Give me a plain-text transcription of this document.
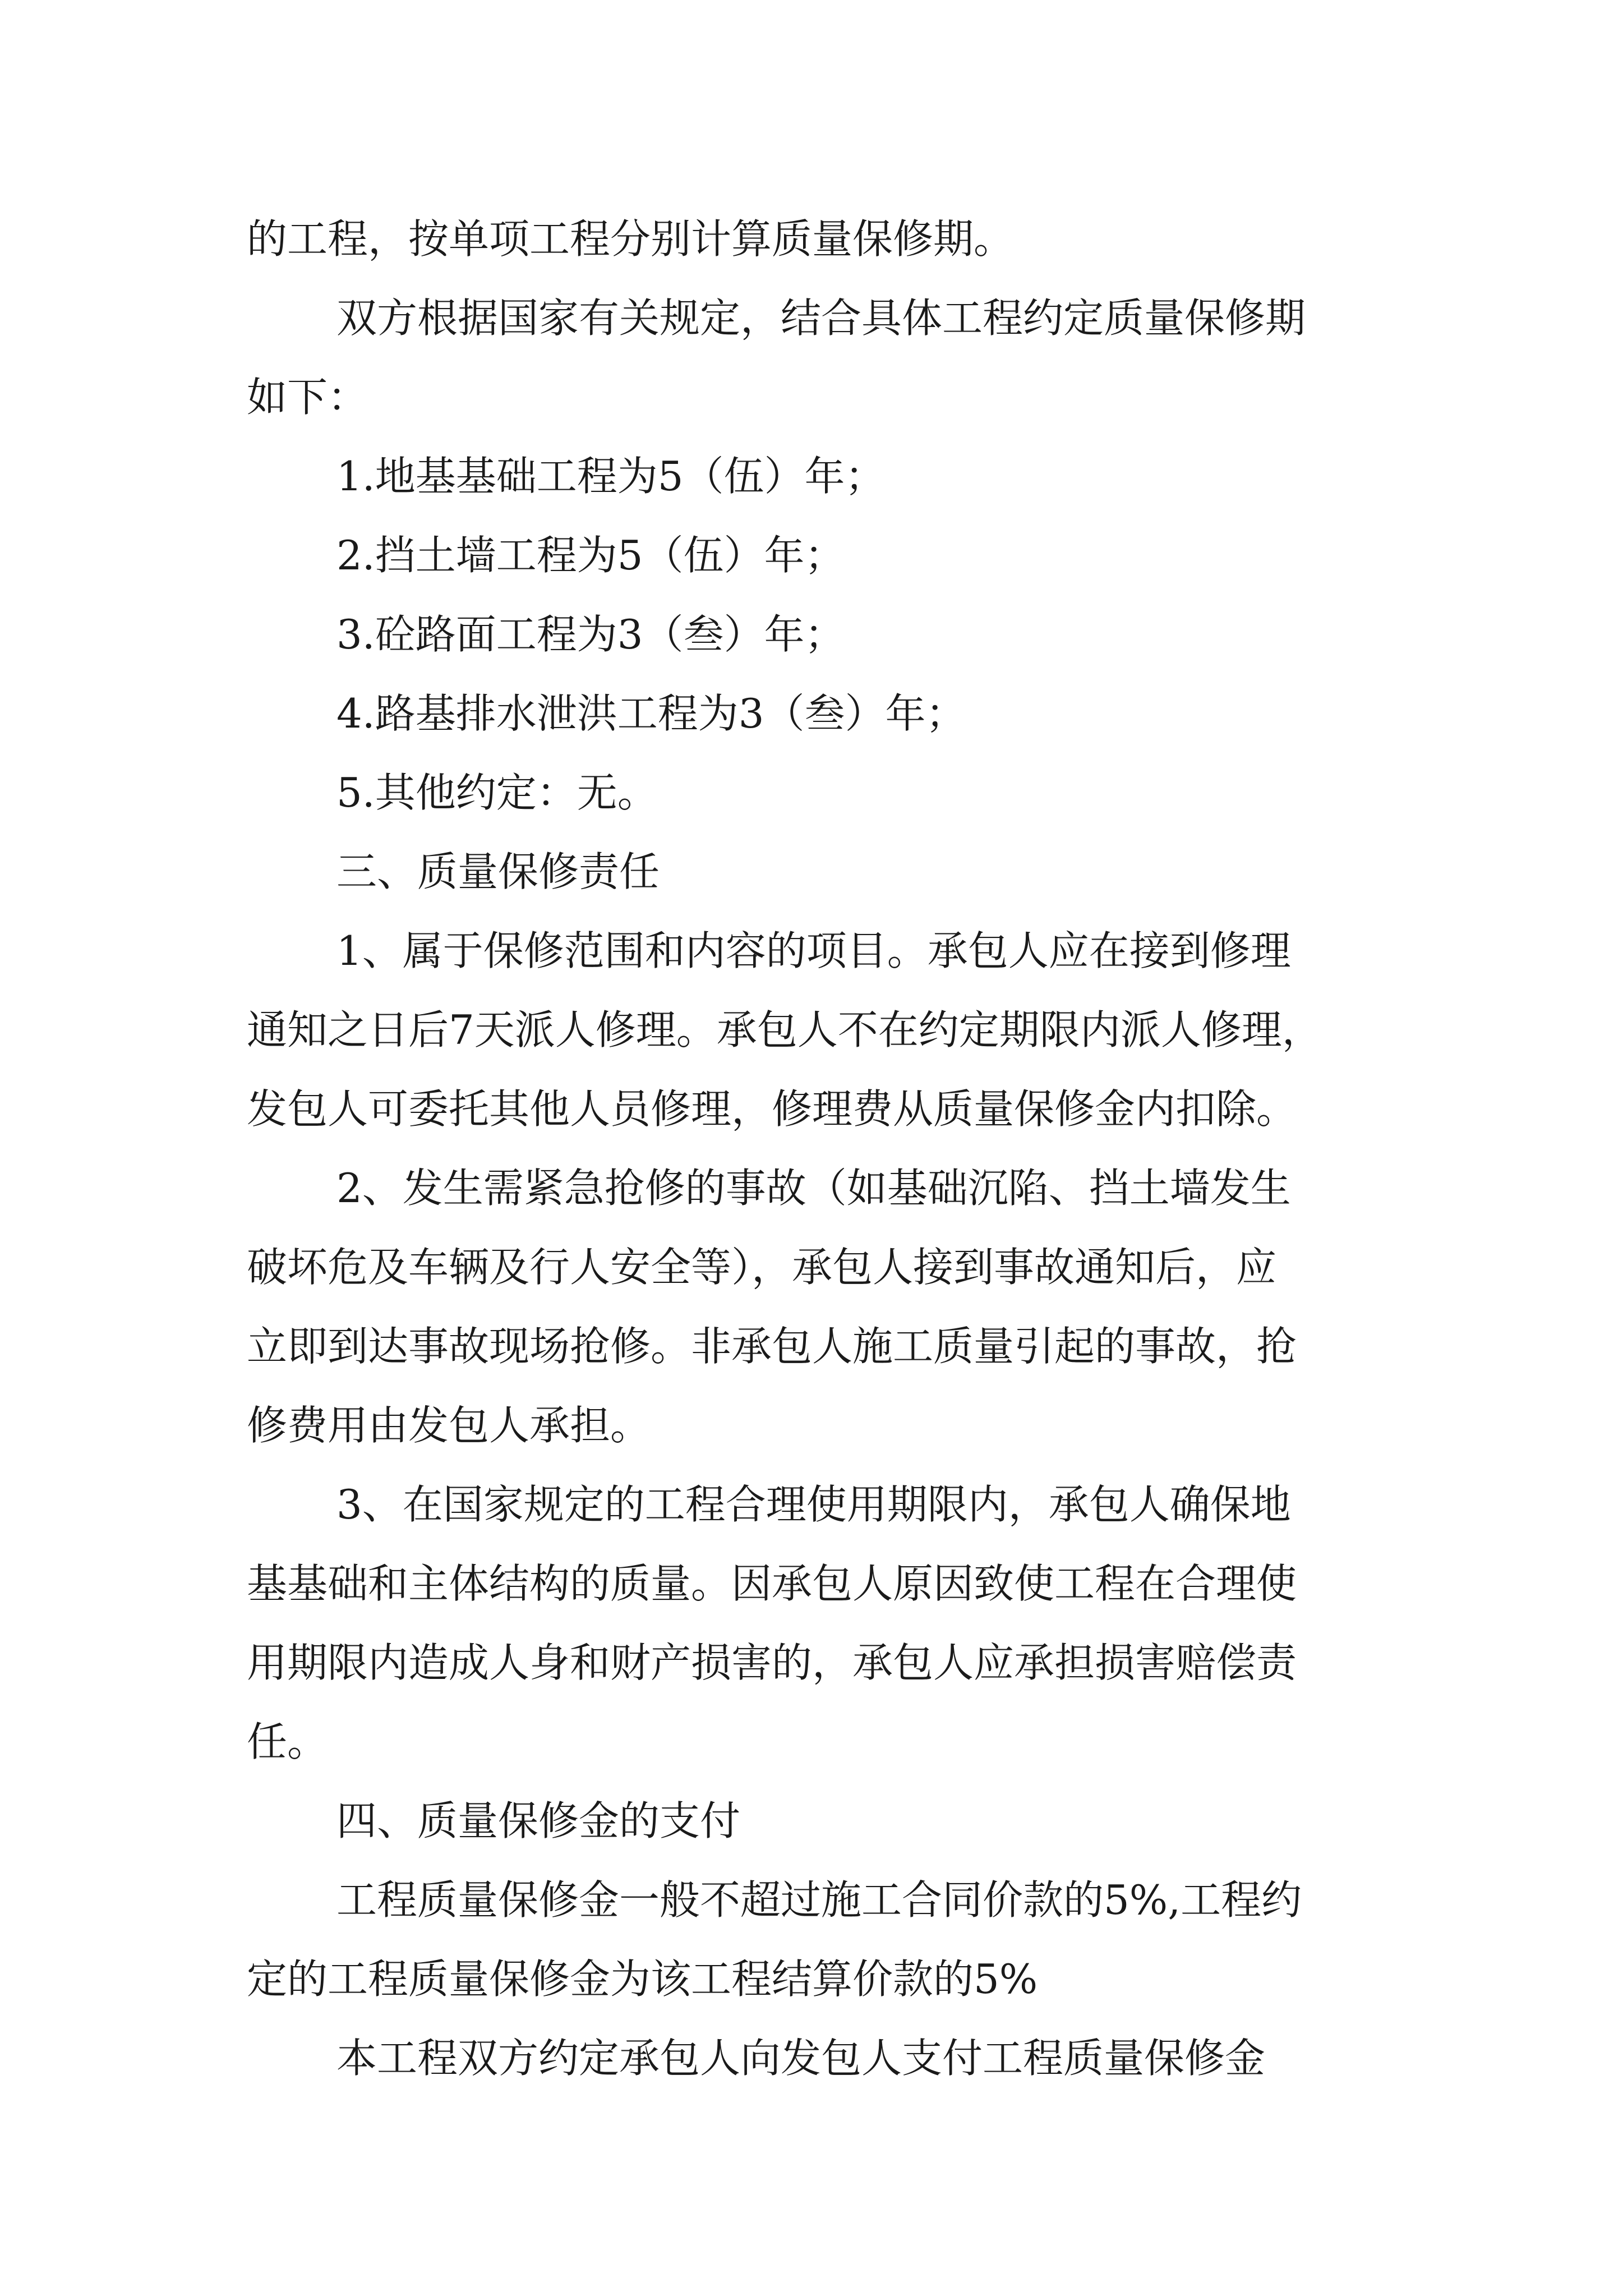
的工程，按单项工程分别计算质量保修期。
双方根据国家有关规定，结合具体工程约定质量保修期
如下：
1.地基基础工程为5（伍）年；
2.挡土墙工程为5（伍）年；
3.砼路面工程为3（叁）年；
4.路基排水泄洪工程为3（叁）年；
5.其他约定：无。
三、质量保修责任
1、属于保修范围和内容的项目。承包人应在接到修理
通知之日后7天派人修理。承包人不在约定期限内派人修理，
发包人可委托其他人员修理，修理费从质量保修金内扣除。
2、发生需紧急抢修的事故（如基础沉陷、挡土墙发生
破坏危及车辆及行人安全等），承包人接到事故通知后，应
立即到达事故现场抢修。非承包人施工质量引起的事故，抢
修费用由发包人承担。
3、在国家规定的工程合理使用期限内，承包人确保地
基基础和主体结构的质量。因承包人原因致使工程在合理使
用期限内造成人身和财产损害的，承包人应承担损害赔偿责
任。
四、质量保修金的支付
工程质量保修金一般不超过施工合同价款的5%,工程约
定的工程质量保修金为该工程结算价款的5%
本工程双方约定承包人向发包人支付工程质量保修金
